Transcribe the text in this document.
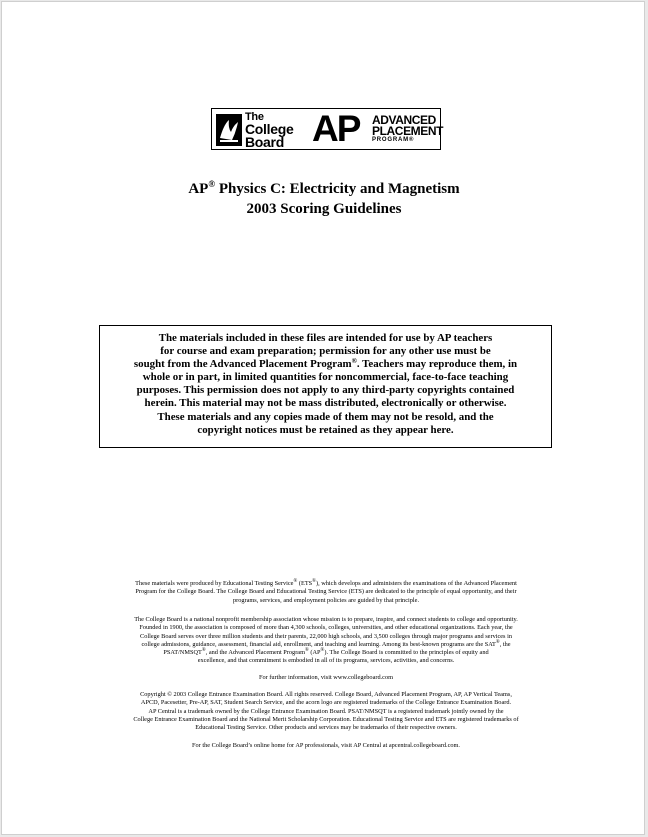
The
College
Board AP ADVANCED
PLACEMENT
PROGRAM®
AP® Physics C: Electricity and Magnetism
2003 Scoring Guidelines
The materials included in these files are intended for use by AP teachers
for course and exam preparation; permission for any other use must be
sought from the Advanced Placement Program®. Teachers may reproduce them, in
whole or in part, in limited quantities for noncommercial, face-to-face teaching
purposes. This permission does not apply to any third-party copyrights contained
herein. This material may not be mass distributed, electronically or otherwise.
These materials and any copies made of them may not be resold, and the
copyright notices must be retained as they appear here.
These materials were produced by Educational Testing Service® (ETS®), which develops and administers the examinations of the Advanced Placement
Program for the College Board. The College Board and Educational Testing Service (ETS) are dedicated to the principle of equal opportunity, and their
programs, services, and employment policies are guided by that principle.
The College Board is a national nonprofit membership association whose mission is to prepare, inspire, and connect students to college and opportunity.
Founded in 1900, the association is composed of more than 4,300 schools, colleges, universities, and other educational organizations. Each year, the
College Board serves over three million students and their parents, 22,000 high schools, and 3,500 colleges through major programs and services in
college admissions, guidance, assessment, financial aid, enrollment, and teaching and learning. Among its best-known programs are the SAT®, the
PSAT/NMSQT®, and the Advanced Placement Program® (AP®). The College Board is committed to the principles of equity and
excellence, and that commitment is embodied in all of its programs, services, activities, and concerns.
For further information, visit www.collegeboard.com
Copyright © 2003 College Entrance Examination Board. All rights reserved. College Board, Advanced Placement Program, AP, AP Vertical Teams,
APCD, Pacesetter, Pre-AP, SAT, Student Search Service, and the acorn logo are registered trademarks of the College Entrance Examination Board.
AP Central is a trademark owned by the College Entrance Examination Board. PSAT/NMSQT is a registered trademark jointly owned by the
College Entrance Examination Board and the National Merit Scholarship Corporation. Educational Testing Service and ETS are registered trademarks of
Educational Testing Service. Other products and services may be trademarks of their respective owners.
For the College Board’s online home for AP professionals, visit AP Central at apcentral.collegeboard.com.
